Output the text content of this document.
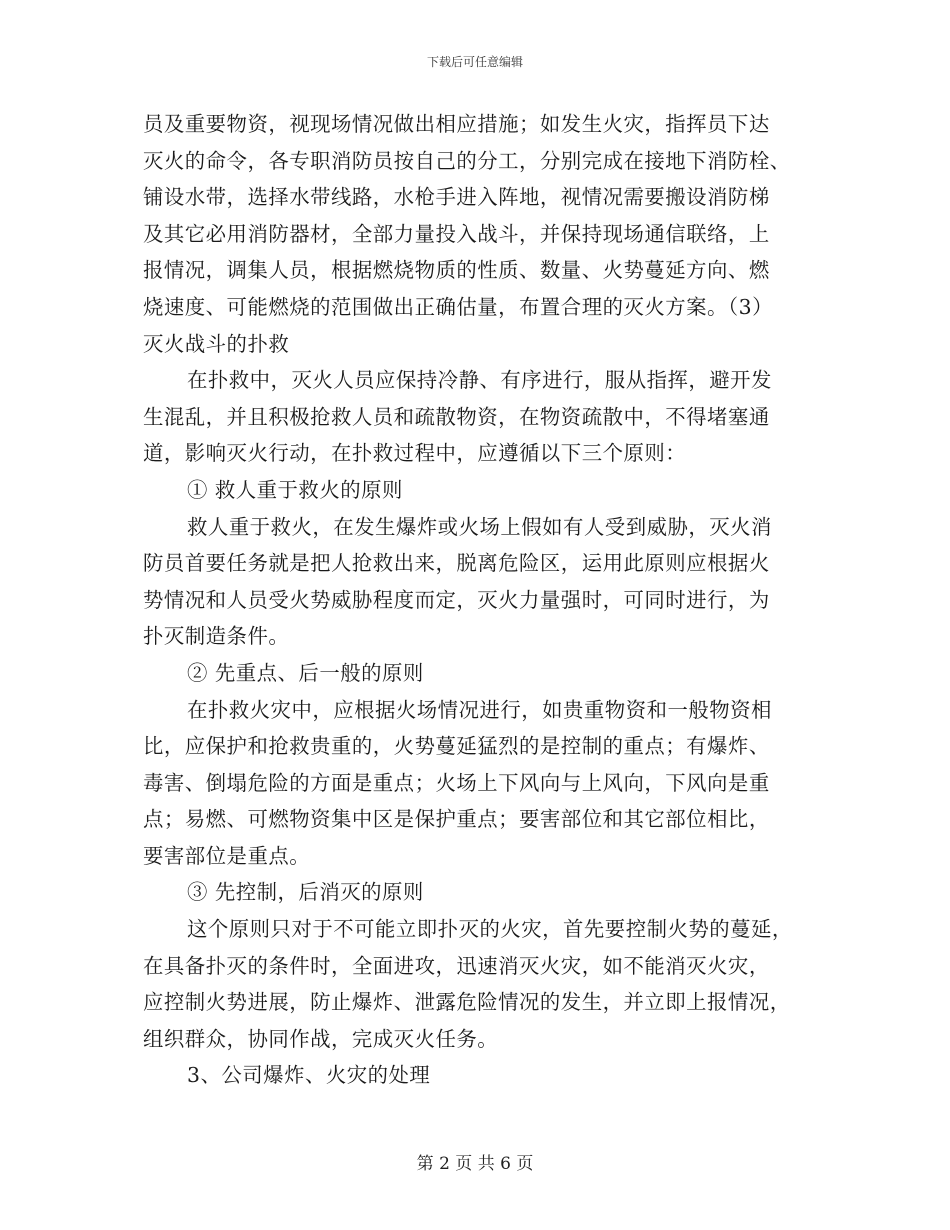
下载后可任意编辑
员及重要物资，视现场情况做出相应措施；如发生火灾，指挥员下达
灭火的命令，各专职消防员按自己的分工，分别完成在接地下消防栓、
铺设水带，选择水带线路，水枪手进入阵地，视情况需要搬设消防梯
及其它必用消防器材，全部力量投入战斗，并保持现场通信联络，上
报情况，调集人员，根据燃烧物质的性质、数量、火势蔓延方向、燃
烧速度、可能燃烧的范围做出正确估量，布置合理的灭火方案。（3）
灭火战斗的扑救
在扑救中，灭火人员应保持冷静、有序进行，服从指挥，避开发
生混乱，并且积极抢救人员和疏散物资，在物资疏散中，不得堵塞通
道，影响灭火行动，在扑救过程中，应遵循以下三个原则：
① 救人重于救火的原则
救人重于救火，在发生爆炸或火场上假如有人受到威胁，灭火消
防员首要任务就是把人抢救出来，脱离危险区，运用此原则应根据火
势情况和人员受火势威胁程度而定，灭火力量强时，可同时进行，为
扑灭制造条件。
② 先重点、后一般的原则
在扑救火灾中，应根据火场情况进行，如贵重物资和一般物资相
比，应保护和抢救贵重的，火势蔓延猛烈的是控制的重点；有爆炸、
毒害、倒塌危险的方面是重点；火场上下风向与上风向，下风向是重
点；易燃、可燃物资集中区是保护重点；要害部位和其它部位相比，
要害部位是重点。
③ 先控制，后消灭的原则
这个原则只对于不可能立即扑灭的火灾，首先要控制火势的蔓延，
在具备扑灭的条件时，全面进攻，迅速消灭火灾，如不能消灭火灾，
应控制火势进展，防止爆炸、泄露危险情况的发生，并立即上报情况，
组织群众，协同作战，完成灭火任务。
3、公司爆炸、火灾的处理
第 2 页 共 6 页
